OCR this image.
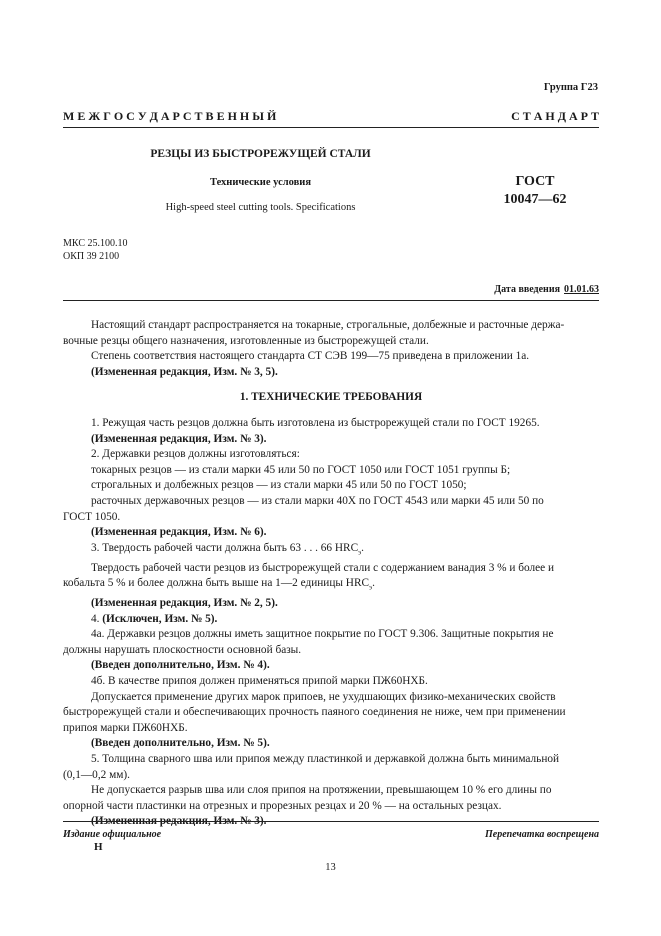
Группа Г23
М Е Ж Г О С У Д А Р С Т В Е Н Н Ы Й	С Т А Н Д А Р Т
РЕЗЦЫ ИЗ БЫСТРОРЕЖУЩЕЙ СТАЛИ
Технические условия
High-speed steel cutting tools. Specifications
ГОСТ
10047—62
МКС 25.100.10
ОКП 39 2100
Дата введения 01.01.63

Настоящий стандарт распространяется на токарные, строгальные, долбежные и расточные держа-

вочные резцы общего назначения, изготовленные из быстрорежущей стали.

Степень соответствия настоящего стандарта СТ СЭВ 199—75 приведена в приложении 1а.

(Измененная редакция, Изм. № 3, 5).

1. ТЕХНИЧЕСКИЕ ТРЕБОВАНИЯ

1. Режущая часть резцов должна быть изготовлена из быстрорежущей стали по ГОСТ 19265.

(Измененная редакция, Изм. № 3).

2. Державки резцов должны изготовляться:

токарных резцов — из стали марки 45 или 50 по ГОСТ 1050 или ГОСТ 1051 группы Б;

строгальных и долбежных резцов — из стали марки 45 или 50 по ГОСТ 1050;

расточных державочных резцов — из стали марки 40Х по ГОСТ 4543 или марки 45 или 50 по

ГОСТ 1050.

(Измененная редакция, Изм. № 6).

3. Твердость рабочей части должна быть 63 . . . 66 $HRC_э$.

Твердость рабочей части резцов из быстрорежущей стали с содержанием ванадия 3 % и более и

кобальта 5 % и более должна быть выше на 1—2 единицы $HRC_э$.

(Измененная редакция, Изм. № 2, 5).

4. (Исключен, Изм. № 5).

4а. Державки резцов должны иметь защитное покрытие по ГОСТ 9.306. Защитные покрытия не

должны нарушать плоскостности основной базы.

(Введен дополнительно, Изм. № 4).

4б. В качестве припоя должен применяться припой марки ПЖ60НХБ.

Допускается применение других марок припоев, не ухудшающих физико-механических свойств

быстрорежущей стали и обеспечивающих прочность паяного соединения не ниже, чем при применении

припоя марки ПЖ60НХБ.

(Введен дополнительно, Изм. № 5).

5. Толщина сварного шва или припоя между пластинкой и державкой должна быть минимальной

(0,1—0,2 мм).

Не допускается разрыв шва или слоя припоя на протяжении, превышающем 10 % его длины по

опорной части пластинки на отрезных и прорезных резцах и 20 % — на остальных резцах.

(Измененная редакция, Изм. № 3).

Издание официальное
Н
Перепечатка воспрещена
13
